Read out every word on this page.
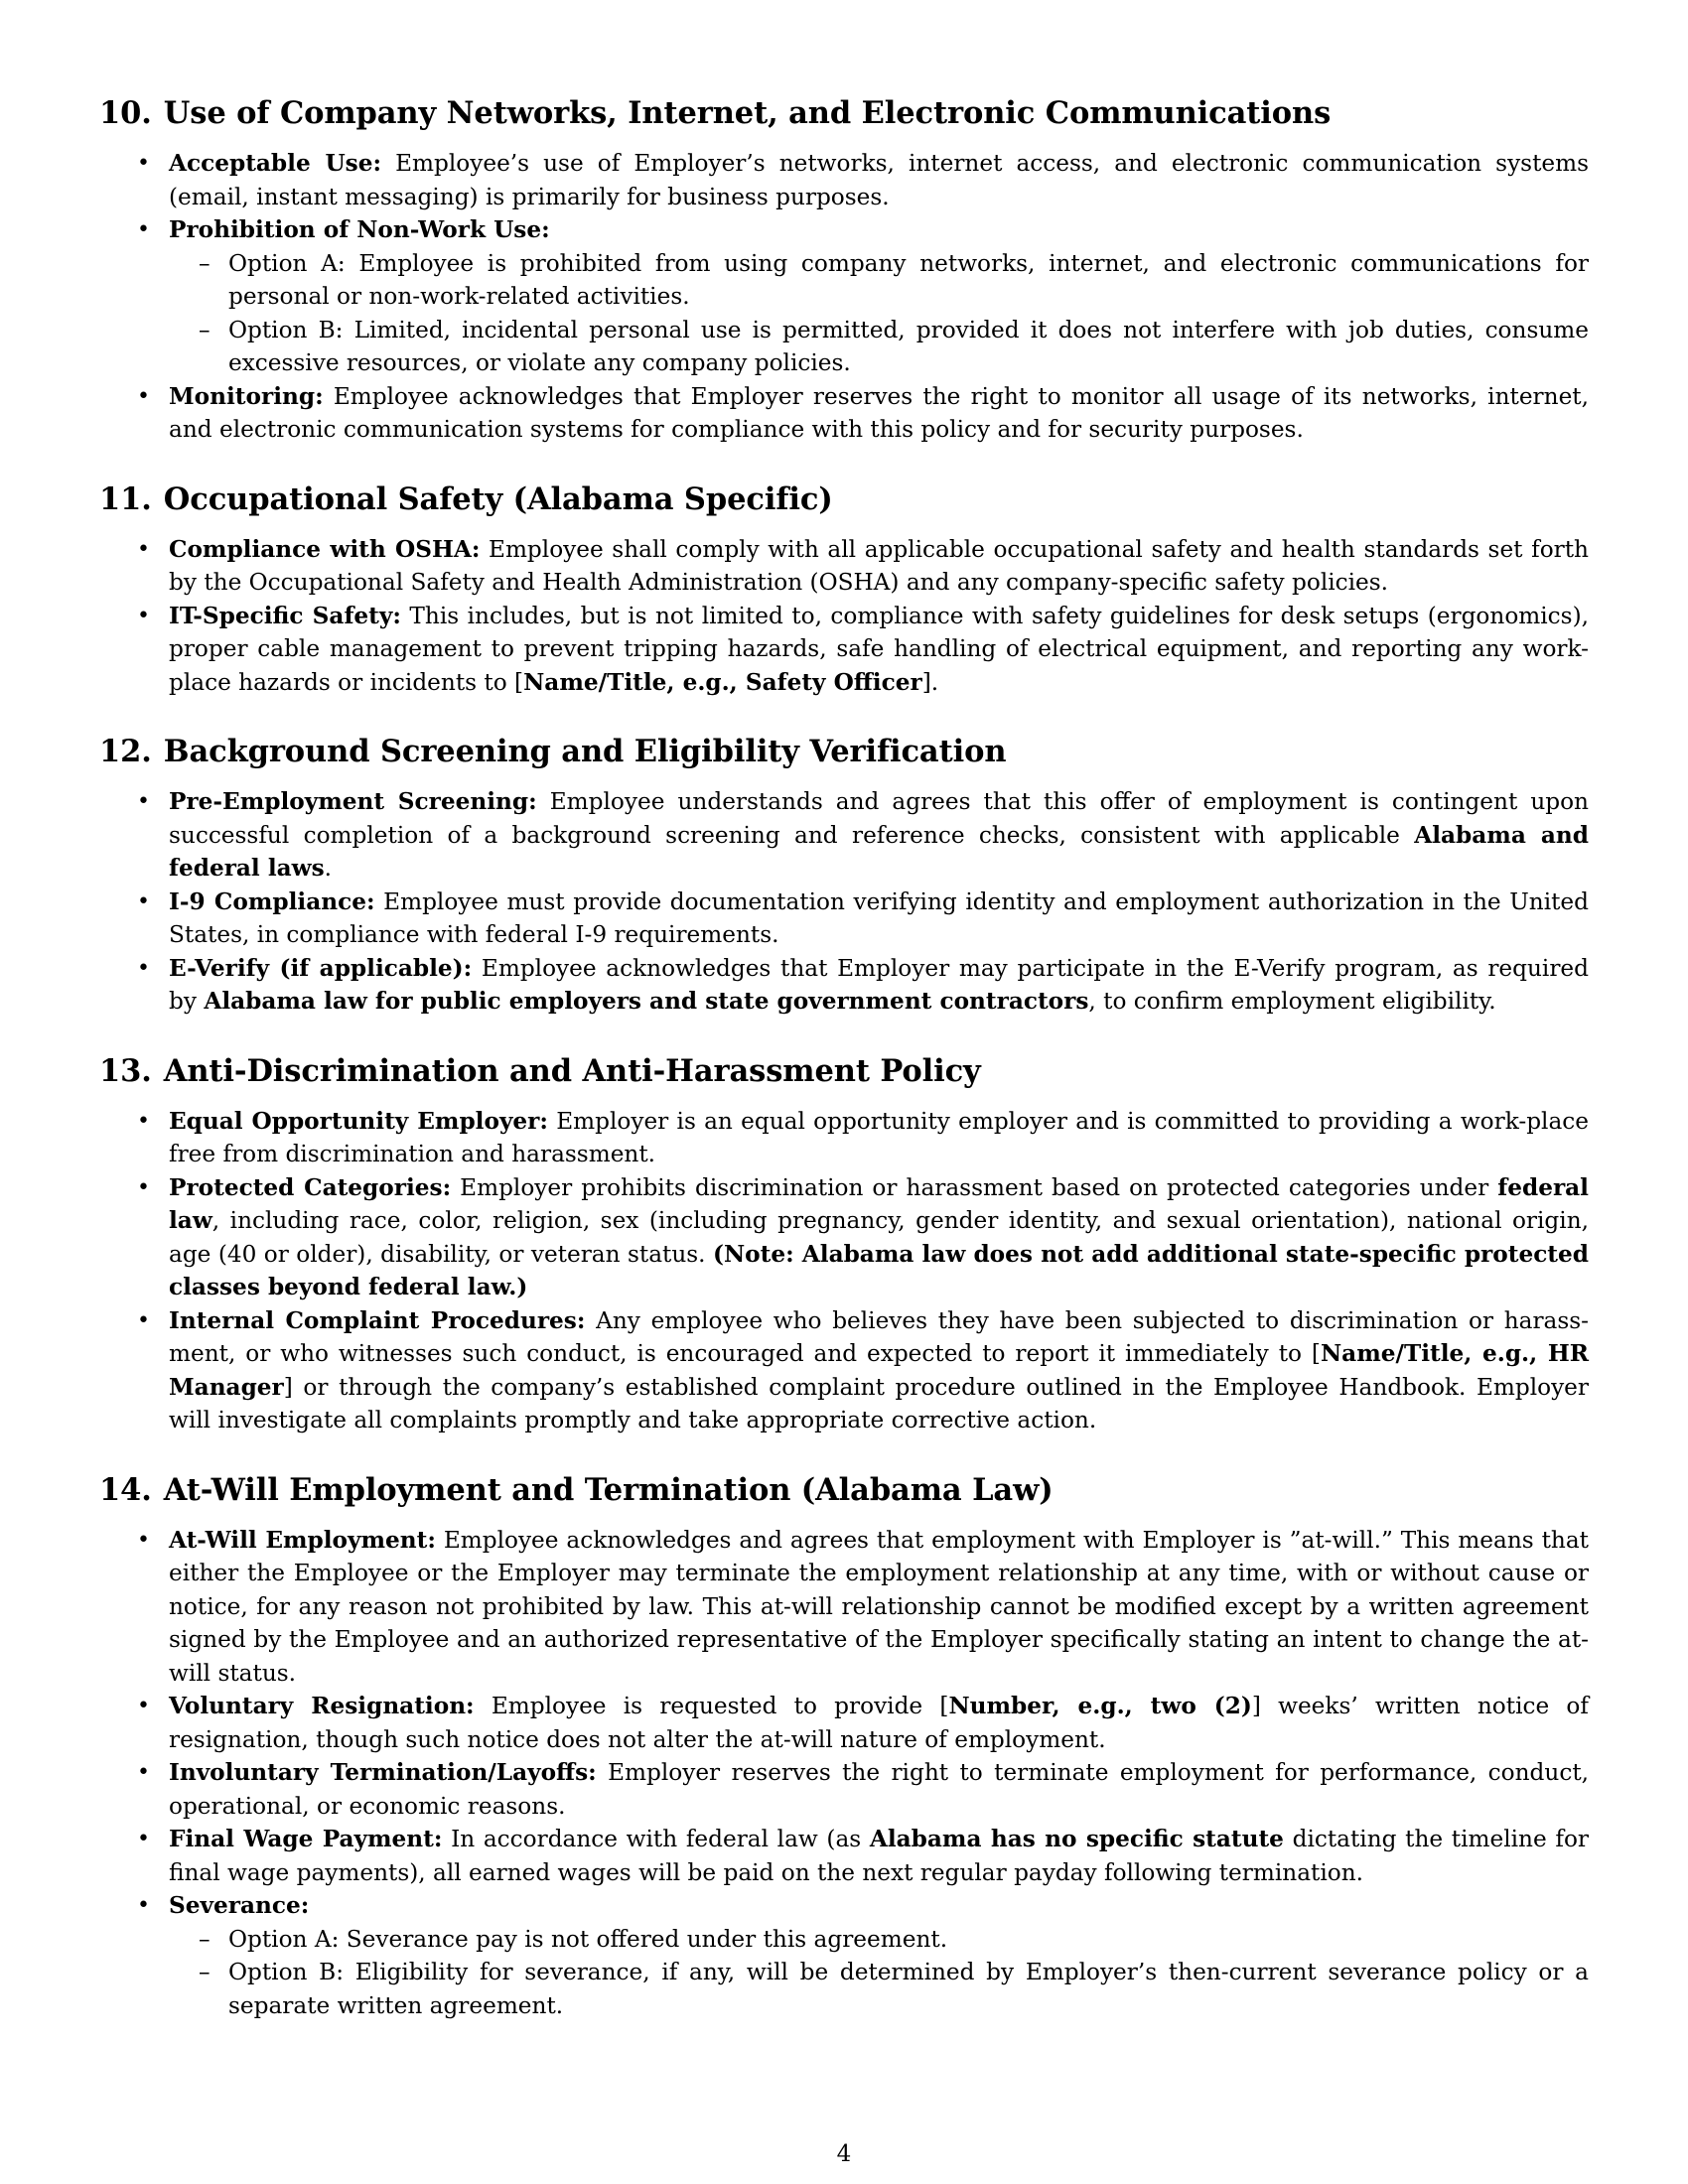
10. Use of Company Networks, Internet, and Electronic Communications
• Acceptable Use: Employee’s use of Employer’s networks, internet access, and electronic communication systems (email, instant messaging) is primarily for business purposes.
• Prohibition of Non-Work Use:
– Option A: Employee is prohibited from using company networks, internet, and electronic communications for personal or non-work-related activities.
– Option B: Limited, incidental personal use is permitted, provided it does not interfere with job duties, consume excessive resources, or violate any company policies.
• Monitoring: Employee acknowledges that Employer reserves the right to monitor all usage of its networks, internet, and electronic communication systems for compliance with this policy and for security purposes.
11. Occupational Safety (Alabama Specific)
• Compliance with OSHA: Employee shall comply with all applicable occupational safety and health standards set forth by the Occupational Safety and Health Administration (OSHA) and any company-specific safety policies.
• IT-Specific Safety: This includes, but is not limited to, compliance with safety guidelines for desk setups (ergonomics), proper cable management to prevent tripping hazards, safe handling of electrical equipment, and reporting any work-place hazards or incidents to [Name/Title, e.g., Safety Officer].
12. Background Screening and Eligibility Verification
• Pre-Employment Screening: Employee understands and agrees that this offer of employment is contingent upon successful completion of a background screening and reference checks, consistent with applicable Alabama and federal laws.
• I-9 Compliance: Employee must provide documentation verifying identity and employment authorization in the United States, in compliance with federal I-9 requirements.
• E-Verify (if applicable): Employee acknowledges that Employer may participate in the E-Verify program, as required by Alabama law for public employers and state government contractors, to confirm employment eligibility.
13. Anti-Discrimination and Anti-Harassment Policy
• Equal Opportunity Employer: Employer is an equal opportunity employer and is committed to providing a work-place free from discrimination and harassment.
• Protected Categories: Employer prohibits discrimination or harassment based on protected categories under federal law, including race, color, religion, sex (including pregnancy, gender identity, and sexual orientation), national origin, age (40 or older), disability, or veteran status. (Note: Alabama law does not add additional state-specific protected classes beyond federal law.)
• Internal Complaint Procedures: Any employee who believes they have been subjected to discrimination or harass-ment, or who witnesses such conduct, is encouraged and expected to report it immediately to [Name/Title, e.g., HR Manager] or through the company’s established complaint procedure outlined in the Employee Handbook. Employer will investigate all complaints promptly and take appropriate corrective action.
14. At-Will Employment and Termination (Alabama Law)
• At-Will Employment: Employee acknowledges and agrees that employment with Employer is ”at-will.” This means that either the Employee or the Employer may terminate the employment relationship at any time, with or without cause or notice, for any reason not prohibited by law. This at-will relationship cannot be modified except by a written agreement signed by the Employee and an authorized representative of the Employer specifically stating an intent to change the at-will status.
• Voluntary Resignation: Employee is requested to provide [Number, e.g., two (2)] weeks’ written notice of resignation, though such notice does not alter the at-will nature of employment.
• Involuntary Termination/Layoffs: Employer reserves the right to terminate employment for performance, conduct, operational, or economic reasons.
• Final Wage Payment: In accordance with federal law (as Alabama has no specific statute dictating the timeline for final wage payments), all earned wages will be paid on the next regular payday following termination.
• Severance:
– Option A: Severance pay is not offered under this agreement.
– Option B: Eligibility for severance, if any, will be determined by Employer’s then-current severance policy or a separate written agreement.
4
